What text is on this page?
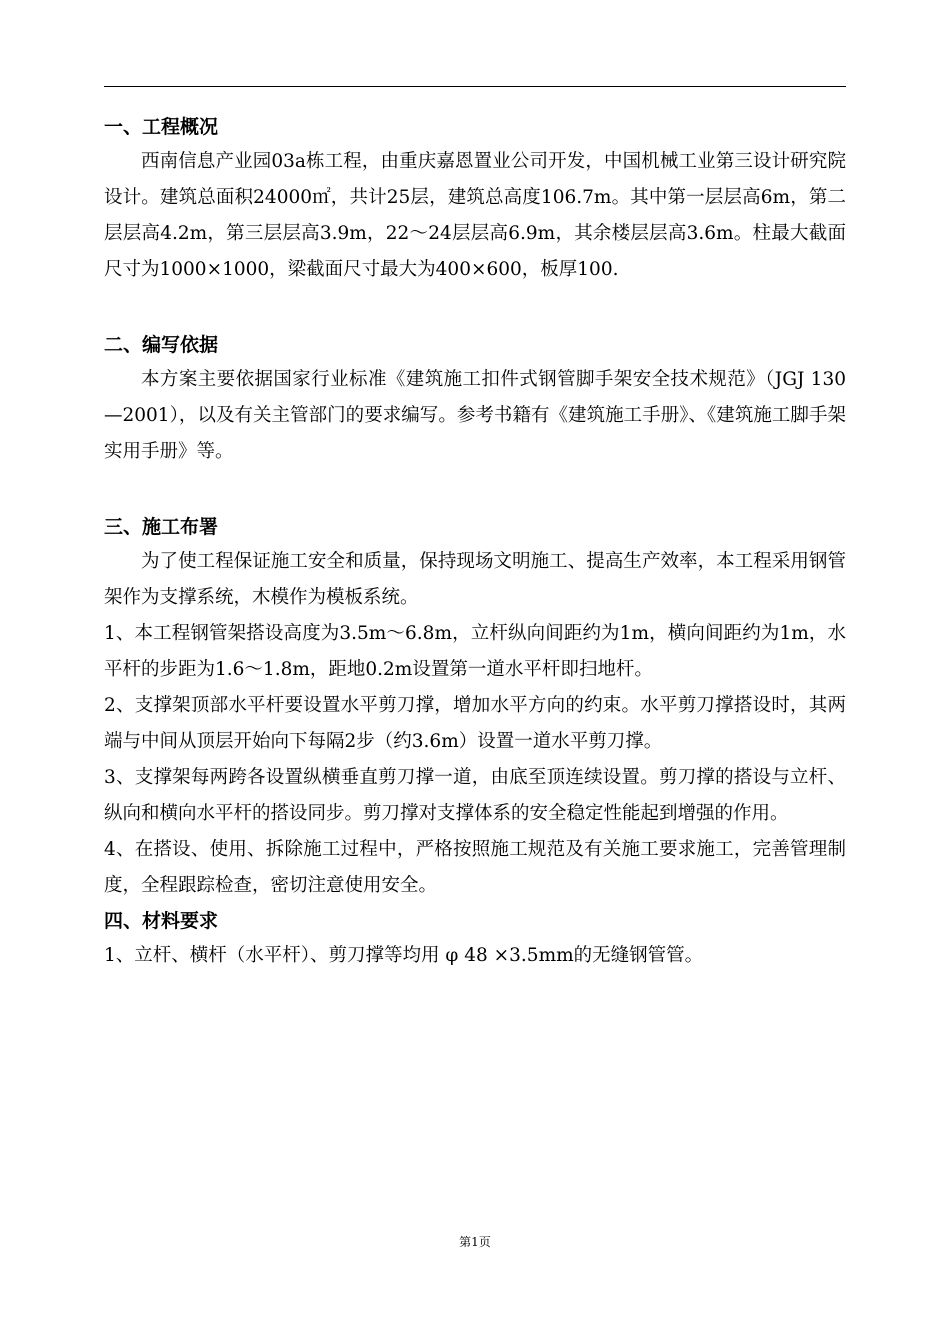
一、工程概况

西南信息产业园03a栋工程，由重庆嘉恩置业公司开发，中国机械工业第三设计研究院设计。建筑总面积24000㎡，共计25层，建筑总高度106.7m。其中第一层层高6m，第二层层高4.2m，第三层层高3.9m，22～24层层高6.9m，其余楼层层高3.6m。柱最大截面尺寸为1000×1000，梁截面尺寸最大为400×600，板厚100.

二、编写依据

本方案主要依据国家行业标准《建筑施工扣件式钢管脚手架安全技术规范》（JGJ 130—2001），以及有关主管部门的要求编写。参考书籍有《建筑施工手册》、《建筑施工脚手架实用手册》等。

三、施工布署

为了使工程保证施工安全和质量，保持现场文明施工、提高生产效率，本工程采用钢管架作为支撑系统，木模作为模板系统。

1、本工程钢管架搭设高度为3.5m～6.8m，立杆纵向间距约为1m，横向间距约为1m，水平杆的步距为1.6～1.8m，距地0.2m设置第一道水平杆即扫地杆。

2、支撑架顶部水平杆要设置水平剪刀撑，增加水平方向的约束。水平剪刀撑搭设时，其两端与中间从顶层开始向下每隔2步（约3.6m）设置一道水平剪刀撑。

3、支撑架每两跨各设置纵横垂直剪刀撑一道，由底至顶连续设置。剪刀撑的搭设与立杆、纵向和横向水平杆的搭设同步。剪刀撑对支撑体系的安全稳定性能起到增强的作用。

4、在搭设、使用、拆除施工过程中，严格按照施工规范及有关施工要求施工，完善管理制度，全程跟踪检查，密切注意使用安全。

四、材料要求

1、立杆、横杆（水平杆）、剪刀撑等均用 φ 48 ×3.5mm的无缝钢管管。

第1页
